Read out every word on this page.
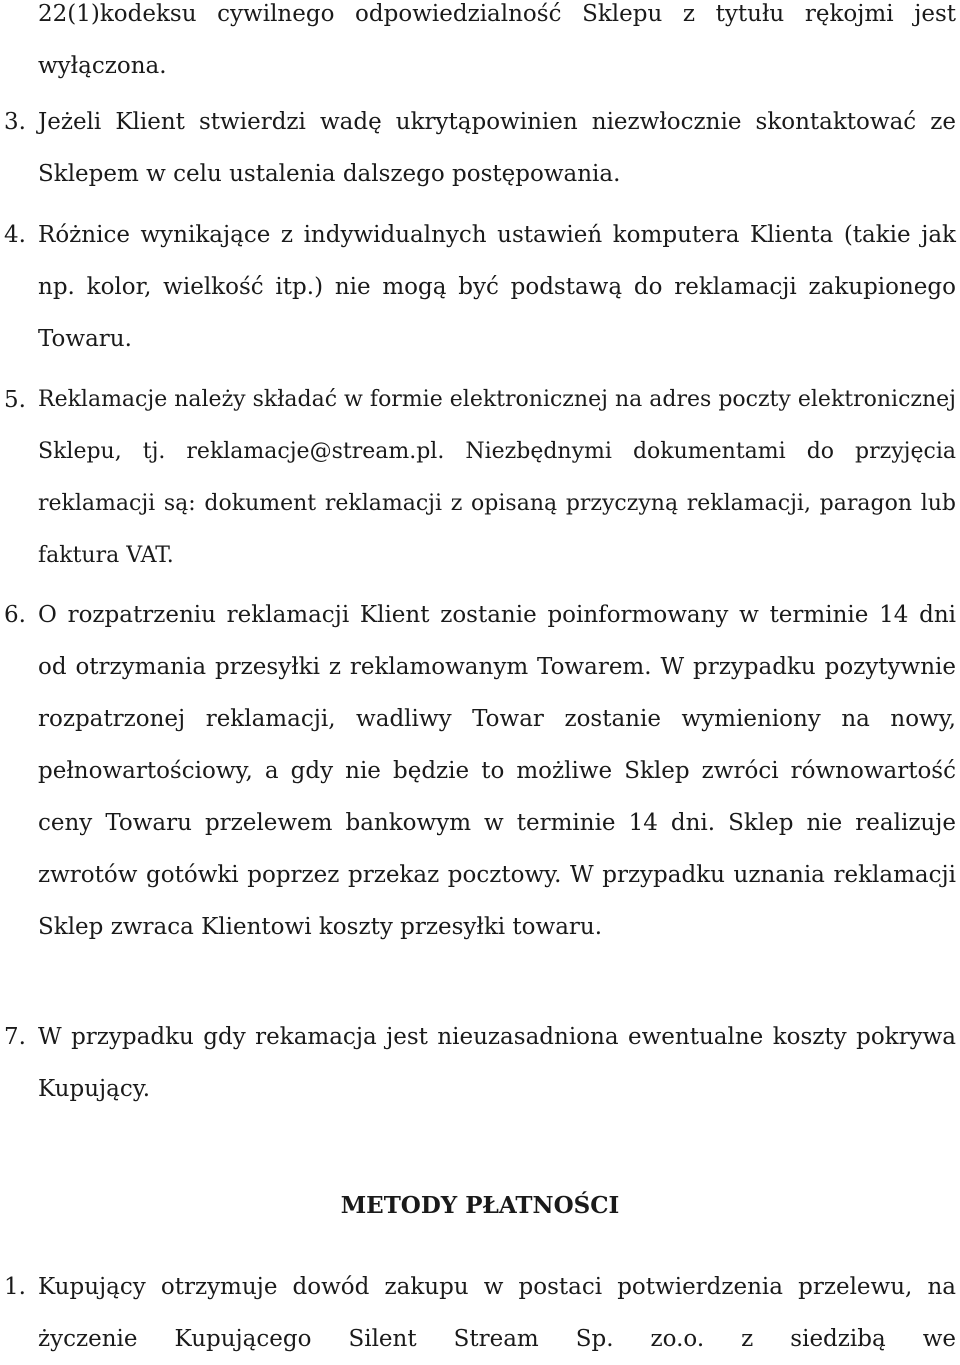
22(1)kodeksu cywilnego odpowiedzialność Sklepu z tytułu rękojmi jest wyłączona.
3. Jeżeli Klient stwierdzi wadę ukrytąpowinien niezwłocznie skontaktować ze Sklepem w celu ustalenia dalszego postępowania.
4. Różnice wynikające z indywidualnych ustawień komputera Klienta (takie jak np. kolor, wielkość itp.) nie mogą być podstawą do reklamacji zakupionego Towaru.
5. Reklamacje należy składać w formie elektronicznej na adres poczty elektronicznej Sklepu, tj. reklamacje@stream.pl. Niezbędnymi dokumentami do przyjęcia reklamacji są: dokument reklamacji z opisaną przyczyną reklamacji, paragon lub faktura VAT.
6. O rozpatrzeniu reklamacji Klient zostanie poinformowany w terminie 14 dni od otrzymania przesyłki z reklamowanym Towarem. W przypadku pozytywnie rozpatrzonej reklamacji, wadliwy Towar zostanie wymieniony na nowy, pełnowartościowy, a gdy nie będzie to możliwe Sklep zwróci równowartość ceny Towaru przelewem bankowym w terminie 14 dni. Sklep nie realizuje zwrotów gotówki poprzez przekaz pocztowy. W przypadku uznania reklamacji Sklep zwraca Klientowi koszty przesyłki towaru.
7. W przypadku gdy rekamacja jest nieuzasadniona ewentualne koszty pokrywa Kupujący.
METODY PŁATNOŚCI
1. Kupujący otrzymuje dowód zakupu w postaci potwierdzenia przelewu, na życzenie Kupującego Silent Stream Sp. zo.o. z siedzibą we
